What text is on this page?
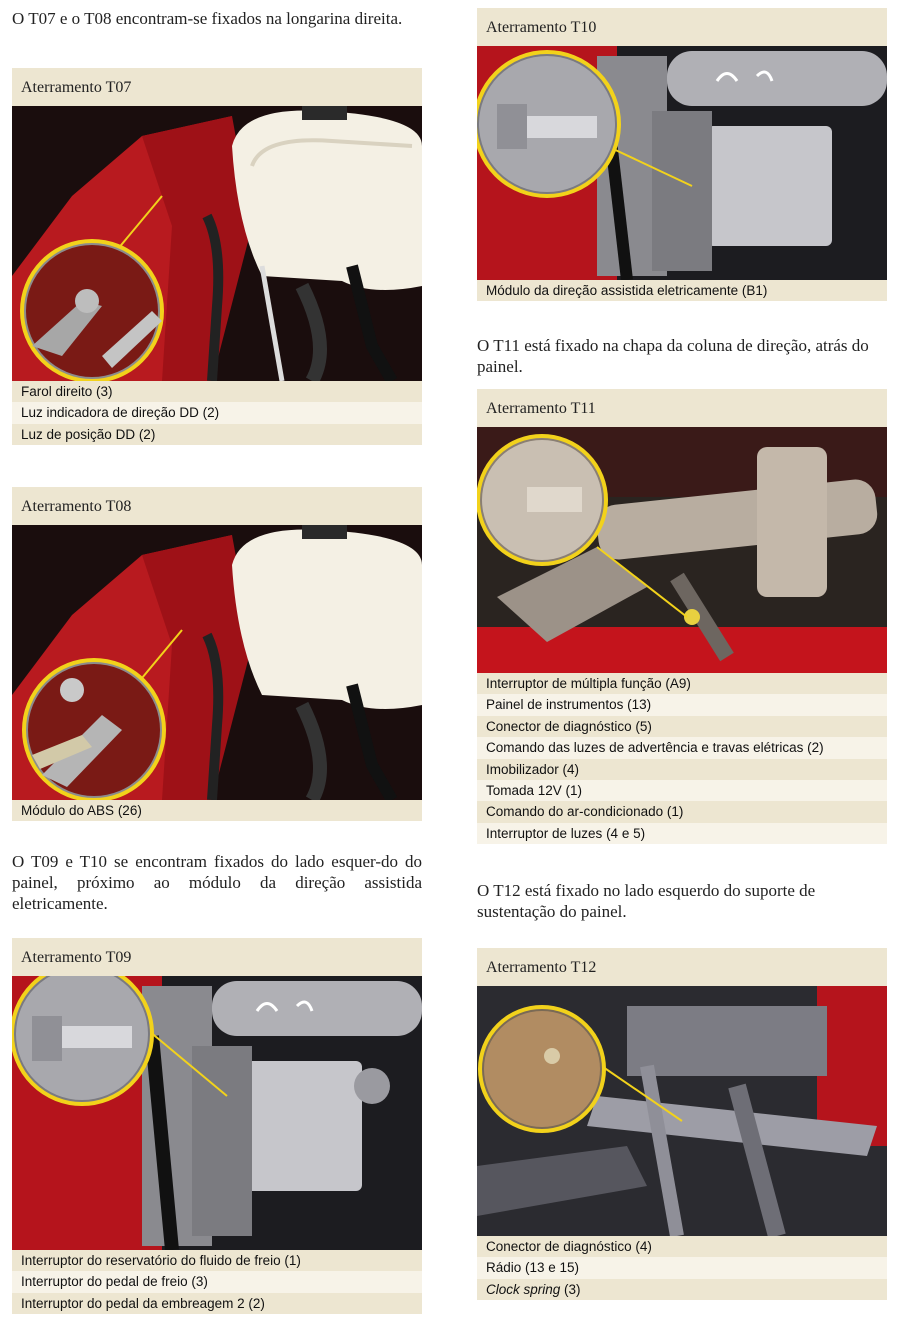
O T07 e o T08 encontram-se fixados na longarina direita.
Aterramento T07
Farol direito (3)
Luz indicadora de direção DD (2)
Luz de posição DD (2)
Aterramento T08
Módulo do ABS (26)
O T09 e T10 se encontram fixados do lado esquer-do do painel, próximo ao módulo da direção assistida eletricamente.
Aterramento T09
Interruptor do reservatório do fluido de freio (1)
Interruptor do pedal de freio (3)
Interruptor do pedal da embreagem 2 (2)
Aterramento T10
Módulo da direção assistida eletricamente (B1)
O T11 está fixado na chapa da coluna de direção, atrás do painel.
Aterramento T11
Interruptor de múltipla função (A9)
Painel de instrumentos (13)
Conector de diagnóstico (5)
Comando das luzes de advertência e travas elétricas (2)
Imobilizador (4)
Tomada 12V (1)
Comando do ar-condicionado (1)
Interruptor de luzes (4 e 5)
O T12 está fixado no lado esquerdo do suporte de sustentação do painel.
Aterramento T12
Conector de diagnóstico (4)
Rádio (13 e 15)
Clock spring (3)
